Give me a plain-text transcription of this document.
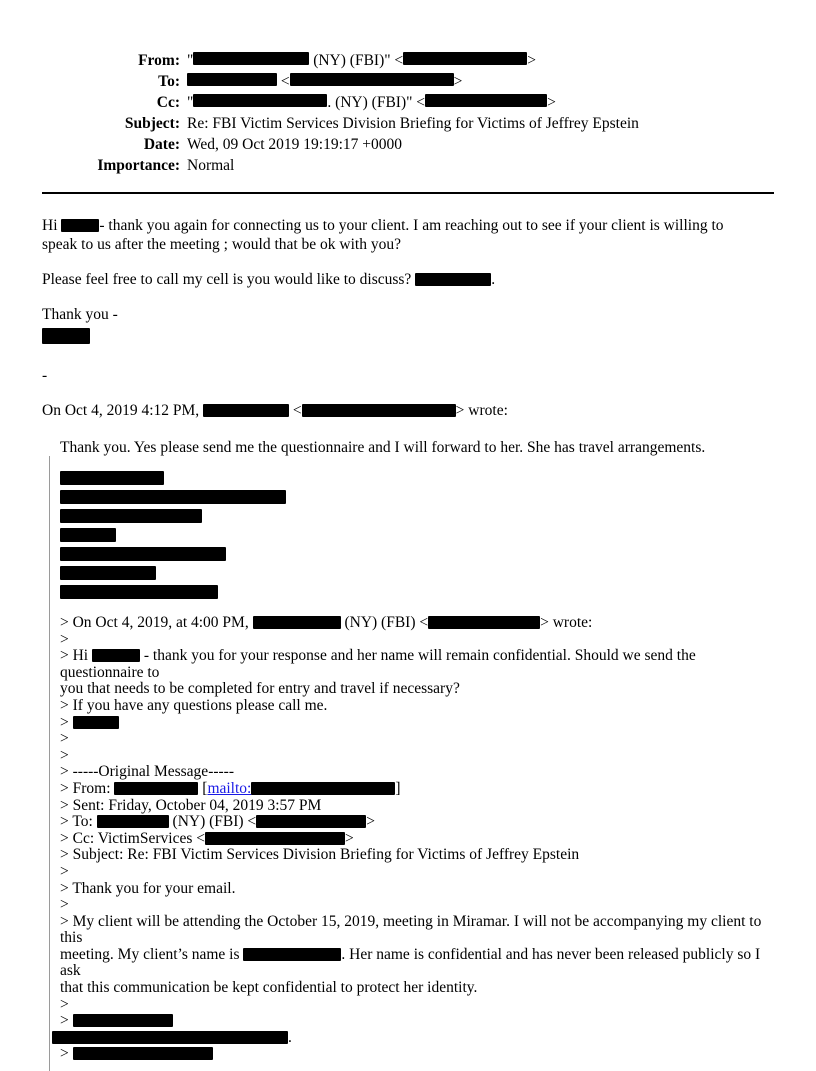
From: "
	(NY) (FBI)" <	>
To:
	<	>
Cc: "	. (NY) (FBI)" <	>
Subject: Re: FBI Victim Services Division Briefing for Victims of Jeffrey Epstein
Date: Wed, 09 Oct 2019 19:19:17 +0000
Importance: Normal

Hi	- thank you again for connecting us to your client. I am reaching out to see if your client is willing to
speak to us after the meeting ; would that be ok with you?

Please feel free to call my cell is you would like to discuss?	.

Thank you -

-

On Oct 4, 2019 4:12 PM,	<	> wrote:

Thank you. Yes please send me the questionnaire and I will forward to her. She has travel arrangements.

> On Oct 4, 2019, at 4:00 PM,	(NY) (FBI) <	> wrote:

>

> Hi	- thank you for your response and her name will remain confidential. Should we send the questionnaire to
you that needs to be completed for entry and travel if necessary?

> If you have any questions please call me.

>

>

>

> -----Original Message-----

> From:	[mailto:	]

> Sent: Friday, October 04, 2019 3:57 PM

> To:	(NY) (FBI) <	>

> Cc: VictimServices <	>

> Subject: Re: FBI Victim Services Division Briefing for Victims of Jeffrey Epstein

>

> Thank you for your email.

>

> My client will be attending the October 15, 2019, meeting in Miramar. I will not be accompanying my client to this
meeting. My client’s name is	. Her name is confidential and has never been released publicly so I ask
that this communication be kept confidential to protect her identity.

>

>

.

>
